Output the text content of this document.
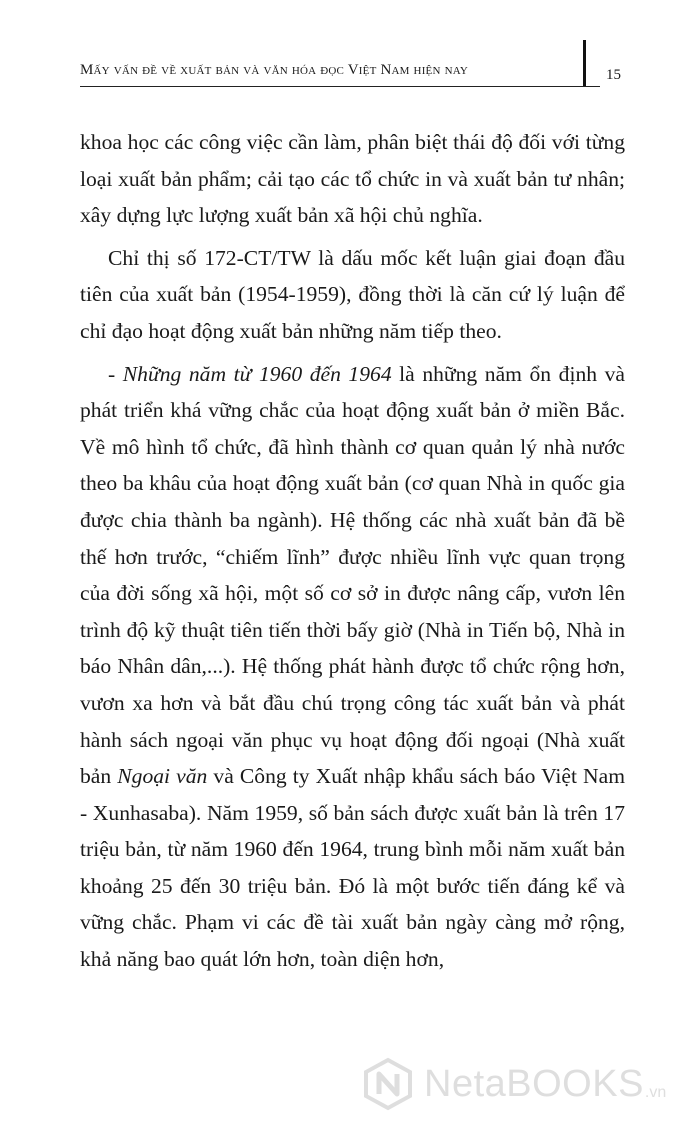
Mấy vấn đề về xuất bản và văn hóa đọc Việt Nam hiện nay	15

khoa học các công việc cần làm, phân biệt thái độ đối với từng loại xuất bản phẩm; cải tạo các tổ chức in và xuất bản tư nhân; xây dựng lực lượng xuất bản xã hội chủ nghĩa.

Chỉ thị số 172-CT/TW là dấu mốc kết luận giai đoạn đầu tiên của xuất bản (1954-1959), đồng thời là căn cứ lý luận để chỉ đạo hoạt động xuất bản những năm tiếp theo.

- Những năm từ 1960 đến 1964 là những năm ổn định và phát triển khá vững chắc của hoạt động xuất bản ở miền Bắc. Về mô hình tổ chức, đã hình thành cơ quan quản lý nhà nước theo ba khâu của hoạt động xuất bản (cơ quan Nhà in quốc gia được chia thành ba ngành). Hệ thống các nhà xuất bản đã bề thế hơn trước, “chiếm lĩnh” được nhiều lĩnh vực quan trọng của đời sống xã hội, một số cơ sở in được nâng cấp, vươn lên trình độ kỹ thuật tiên tiến thời bấy giờ (Nhà in Tiến bộ, Nhà in báo Nhân dân,...). Hệ thống phát hành được tổ chức rộng hơn, vươn xa hơn và bắt đầu chú trọng công tác xuất bản và phát hành sách ngoại văn phục vụ hoạt động đối ngoại (Nhà xuất bản Ngoại văn và Công ty Xuất nhập khẩu sách báo Việt Nam - Xunhasaba). Năm 1959, số bản sách được xuất bản là trên 17 triệu bản, từ năm 1960 đến 1964, trung bình mỗi năm xuất bản khoảng 25 đến 30 triệu bản. Đó là một bước tiến đáng kể và vững chắc. Phạm vi các đề tài xuất bản ngày càng mở rộng, khả năng bao quát lớn hơn, toàn diện hơn,

NetaBOOKS .vn
